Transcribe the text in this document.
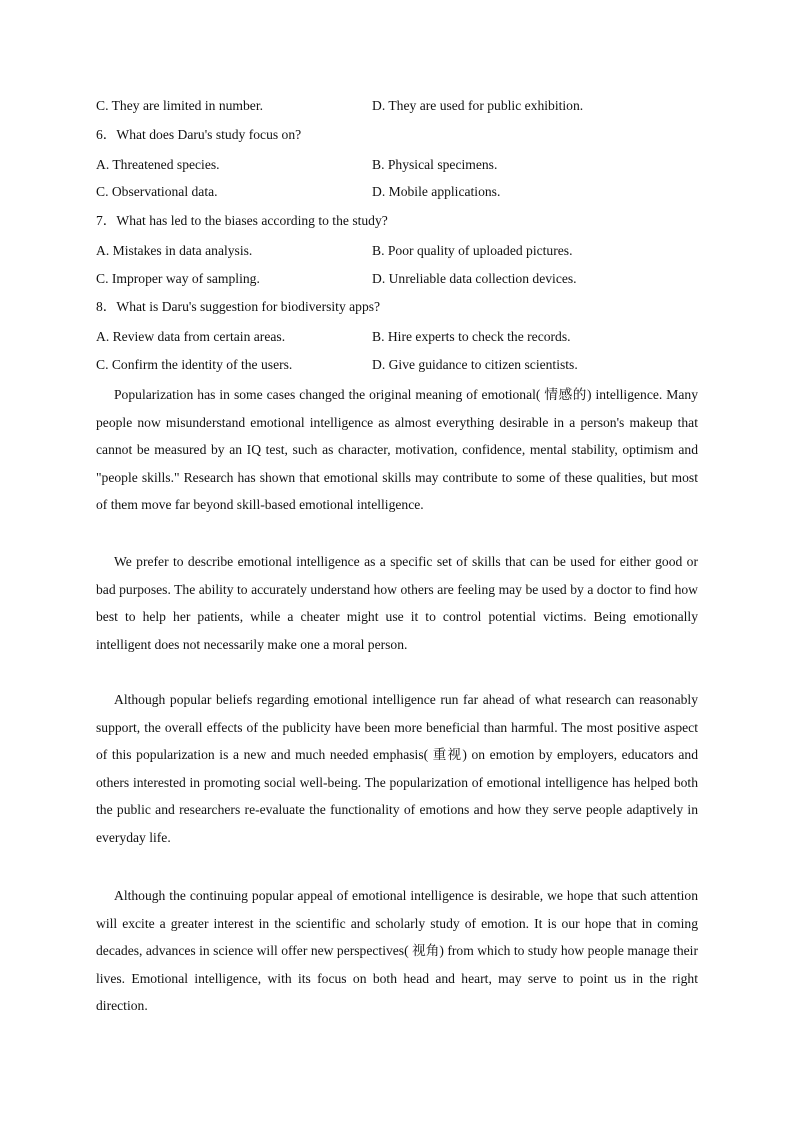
C. They are limited in number.	D. They are used for public exhibition.
6．What does Daru's study focus on?
A. Threatened species.	B. Physical specimens.
C. Observational data.	D. Mobile applications.
7．What has led to the biases according to the study?
A. Mistakes in data analysis.	B. Poor quality of uploaded pictures.
C. Improper way of sampling.	D. Unreliable data collection devices.
8．What is Daru's suggestion for biodiversity apps?
A. Review data from certain areas.	B. Hire experts to check the records.
C. Confirm the identity of the users.	D. Give guidance to citizen scientists.

Popularization has in some cases changed the original meaning of emotional( 情感的) intelligence. Many people now misunderstand emotional intelligence as almost everything desirable in a person's makeup that cannot be measured by an IQ test, such as character, motivation, confidence, mental stability, optimism and "people skills." Research has shown that emotional skills may contribute to some of these qualities, but most of them move far beyond skill-based emotional intelligence.

We prefer to describe emotional intelligence as a specific set of skills that can be used for either good or bad purposes. The ability to accurately understand how others are feeling may be used by a doctor to find how best to help her patients, while a cheater might use it to control potential victims. Being emotionally intelligent does not necessarily make one a moral person.

Although popular beliefs regarding emotional intelligence run far ahead of what research can reasonably support, the overall effects of the publicity have been more beneficial than harmful. The most positive aspect of this popularization is a new and much needed emphasis( 重视) on emotion by employers, educators and others interested in promoting social well-being. The popularization of emotional intelligence has helped both the public and researchers re-evaluate the functionality of emotions and how they serve people adaptively in everyday life.

Although the continuing popular appeal of emotional intelligence is desirable, we hope that such attention will excite a greater interest in the scientific and scholarly study of emotion. It is our hope that in coming decades, advances in science will offer new perspectives( 视角) from which to study how people manage their lives. Emotional intelligence, with its focus on both head and heart, may serve to point us in the right direction.
